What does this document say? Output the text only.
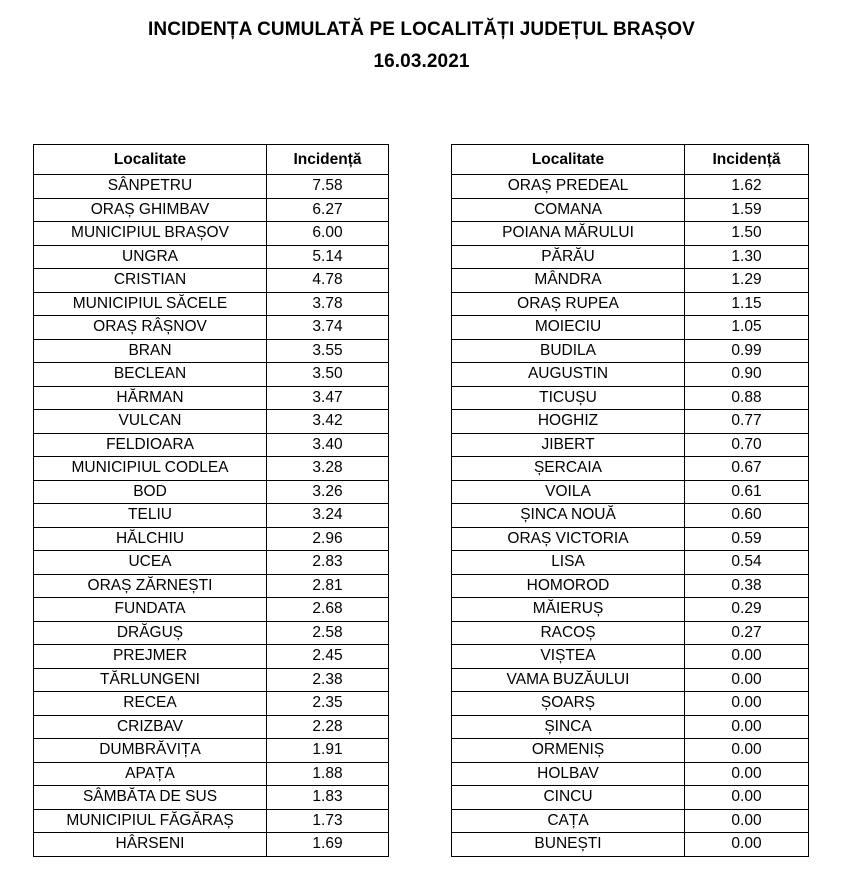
INCIDENȚA CUMULATĂ PE LOCALITĂȚI JUDEȚUL BRAȘOV
16.03.2021
Localitate	Incidență
SÂNPETRU	7.58
ORAȘ GHIMBAV	6.27
MUNICIPIUL BRAȘOV	6.00
UNGRA	5.14
CRISTIAN	4.78
MUNICIPIUL SĂCELE	3.78
ORAȘ RÂȘNOV	3.74
BRAN	3.55
BECLEAN	3.50
HĂRMAN	3.47
VULCAN	3.42
FELDIOARA	3.40
MUNICIPIUL CODLEA	3.28
BOD	3.26
TELIU	3.24
HĂLCHIU	2.96
UCEA	2.83
ORAȘ ZĂRNEȘTI	2.81
FUNDATA	2.68
DRĂGUȘ	2.58
PREJMER	2.45
TĂRLUNGENI	2.38
RECEA	2.35
CRIZBAV	2.28
DUMBRĂVIȚA	1.91
APAȚA	1.88
SÂMBĂTA DE SUS	1.83
MUNICIPIUL FĂGĂRAȘ	1.73
HÂRSENI	1.69
Localitate	Incidență
ORAȘ PREDEAL	1.62
COMANA	1.59
POIANA MĂRULUI	1.50
PĂRĂU	1.30
MÂNDRA	1.29
ORAȘ RUPEA	1.15
MOIECIU	1.05
BUDILA	0.99
AUGUSTIN	0.90
TICUȘU	0.88
HOGHIZ	0.77
JIBERT	0.70
ȘERCAIA	0.67
VOILA	0.61
ȘINCA NOUĂ	0.60
ORAȘ VICTORIA	0.59
LISA	0.54
HOMOROD	0.38
MĂIERUȘ	0.29
RACOȘ	0.27
VIȘTEA	0.00
VAMA BUZĂULUI	0.00
ȘOARȘ	0.00
ȘINCA	0.00
ORMENIȘ	0.00
HOLBAV	0.00
CINCU	0.00
CAȚA	0.00
BUNEȘTI	0.00
